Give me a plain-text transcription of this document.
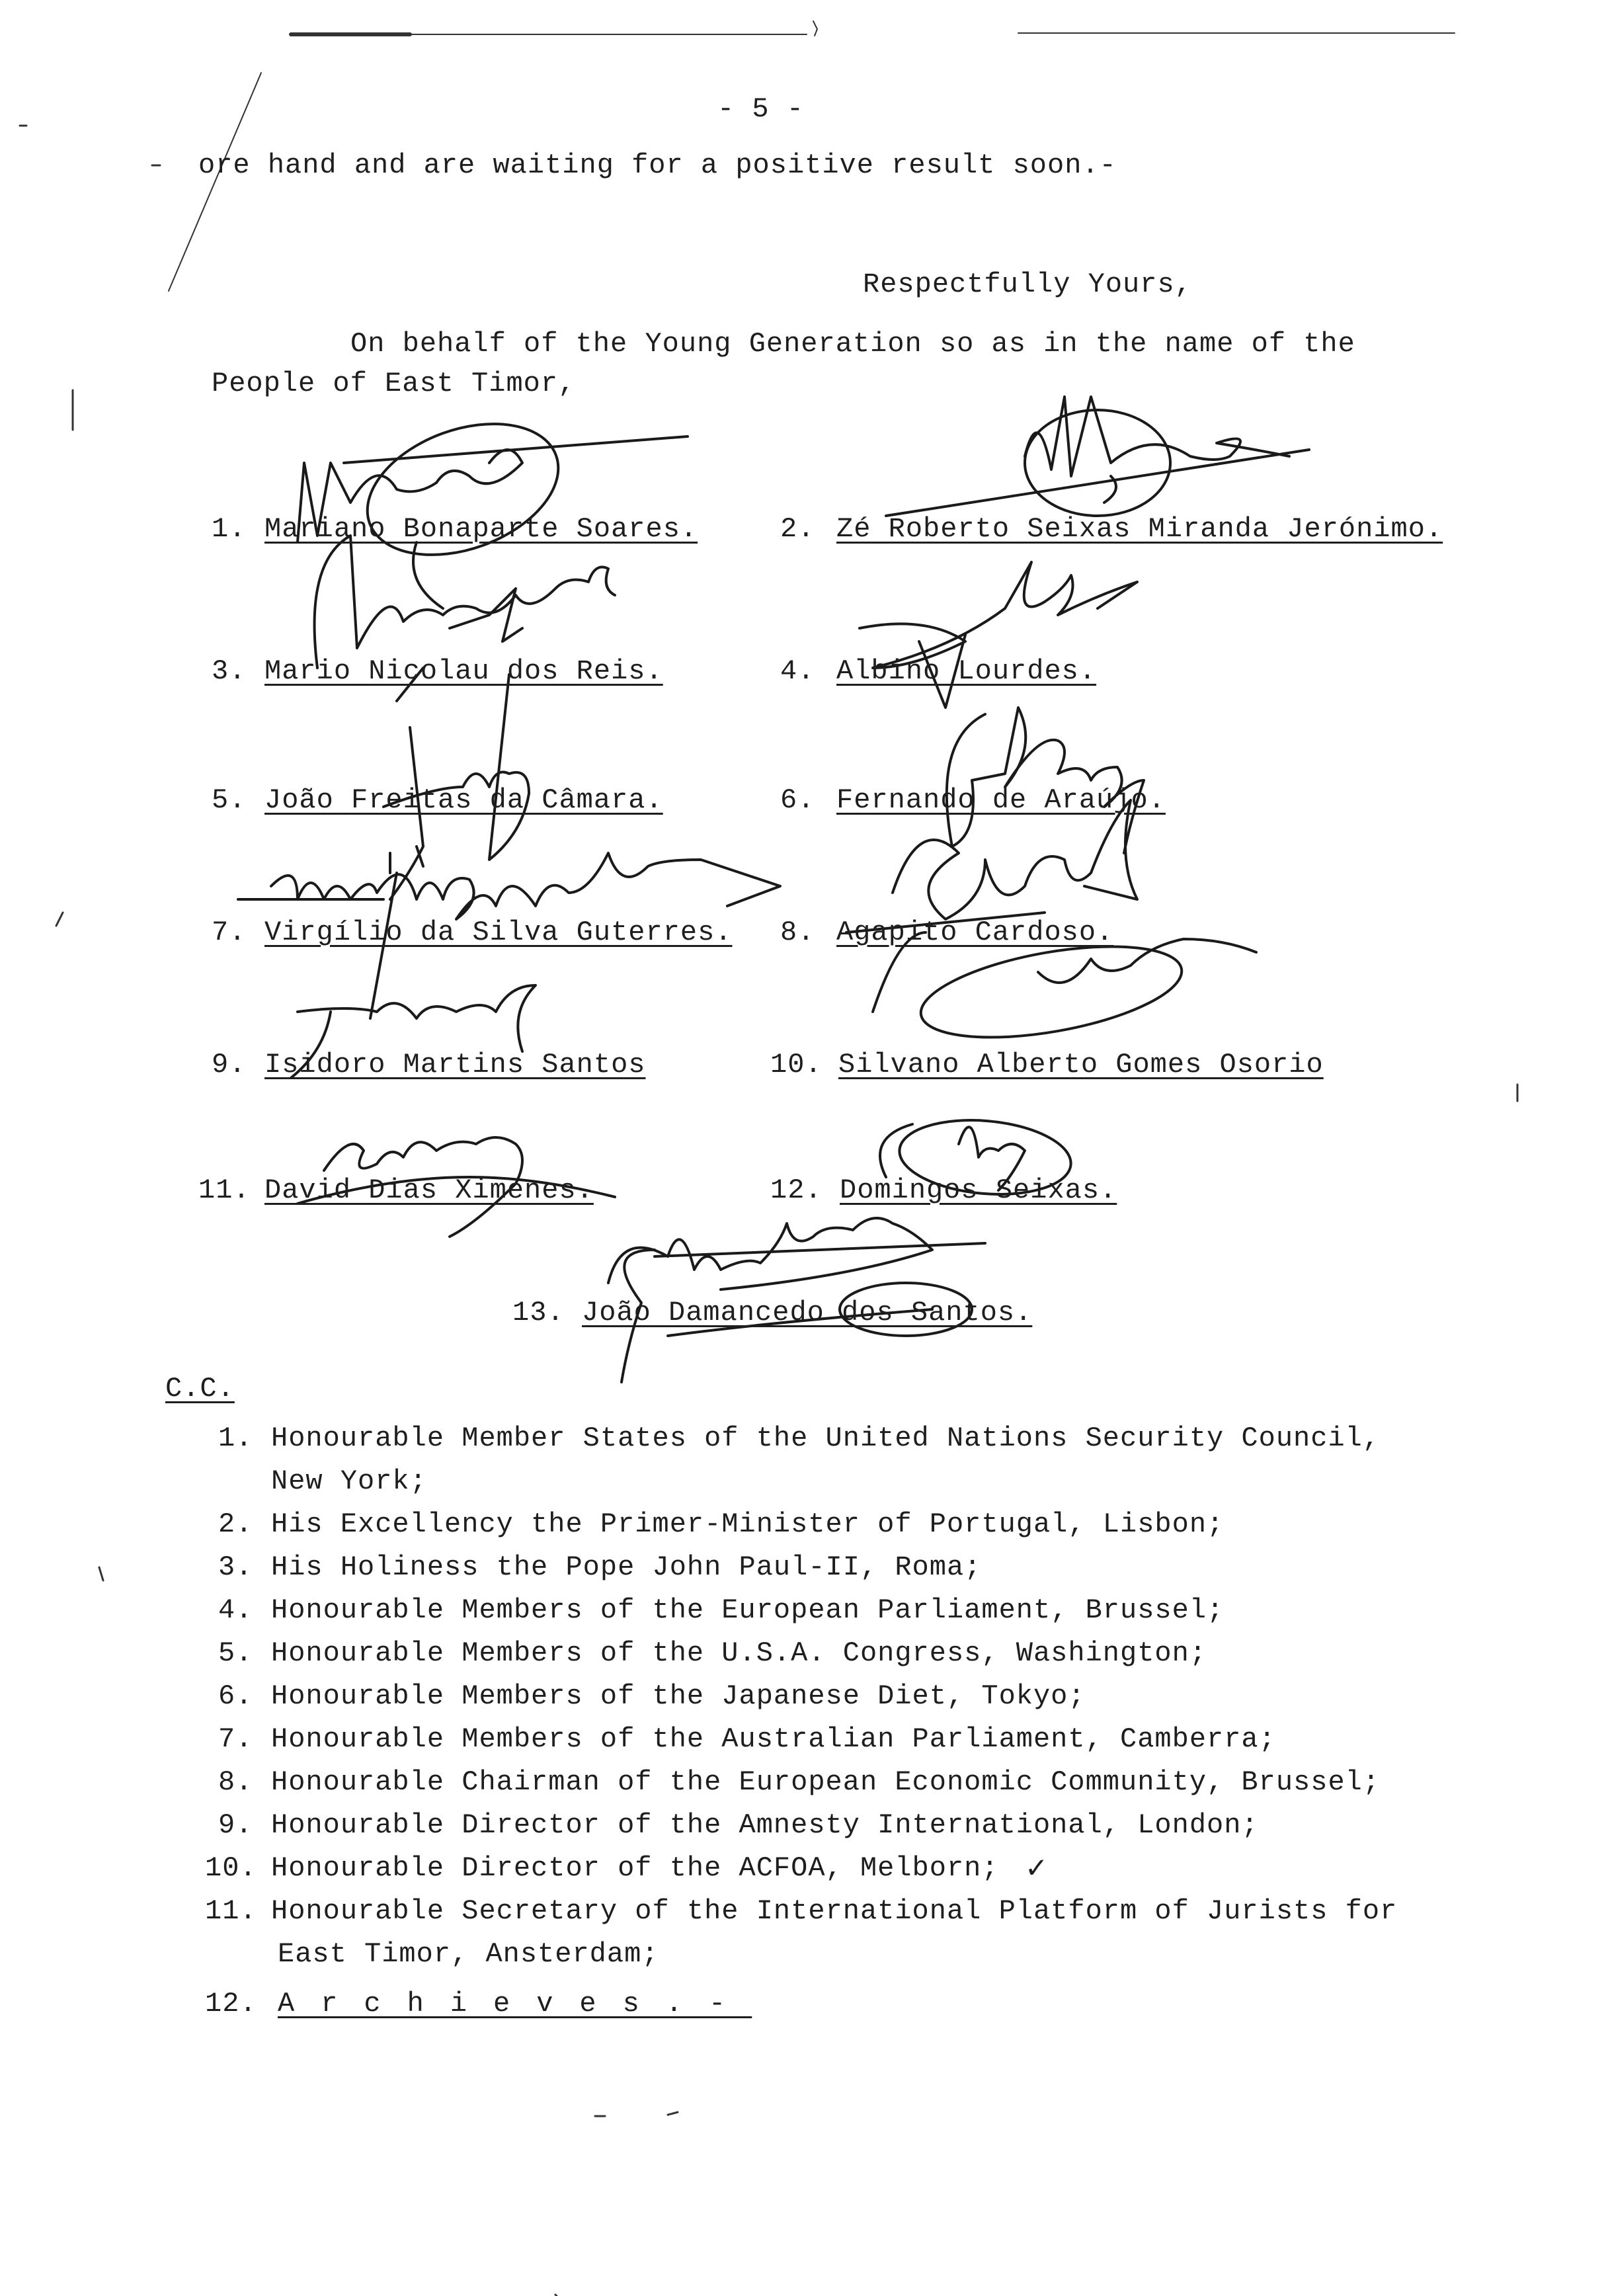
- 5 -
ore hand and are waiting for a positive result soon.-
Respectfully Yours,
On behalf of the Young Generation so as in the name of the
People of East Timor,
1. Mariano Bonaparte Soares.	2. Zé Roberto Seixas Miranda Jerónimo.
3. Mario Nicolau dos Reis.	4. Albino Lourdes.
5. João Freitas da Câmara.	6. Fernando de Araújo.
7. Virgílio da Silva Guterres. 8. Agapito Cardoso.
9. Isidoro Martins Santos	10. Silvano Alberto Gomes Osorio
11. David Dias Ximenes.	12. Domingos Seixas.
13. João Damancedo dos Santos.
C.C.
1. Honourable Member States of the United Nations Security Council,
New York;
2. His Excellency the Primer-Minister of Portugal, Lisbon;
3. His Holiness the Pope John Paul-II, Roma;
4. Honourable Members of the European Parliament, Brussel;
5. Honourable Members of the U.S.A. Congress, Washington;
6. Honourable Members of the Japanese Diet, Tokyo;
7. Honourable Members of the Australian Parliament, Camberra;
8. Honourable Chairman of the European Economic Community, Brussel;
9. Honourable Director of the Amnesty International, London;
10. Honourable Director of the ACFOA, Melborn; ✓
11. Honourable Secretary of the International Platform of Jurists for
East Timor, Ansterdam;
12. Archieves.-
